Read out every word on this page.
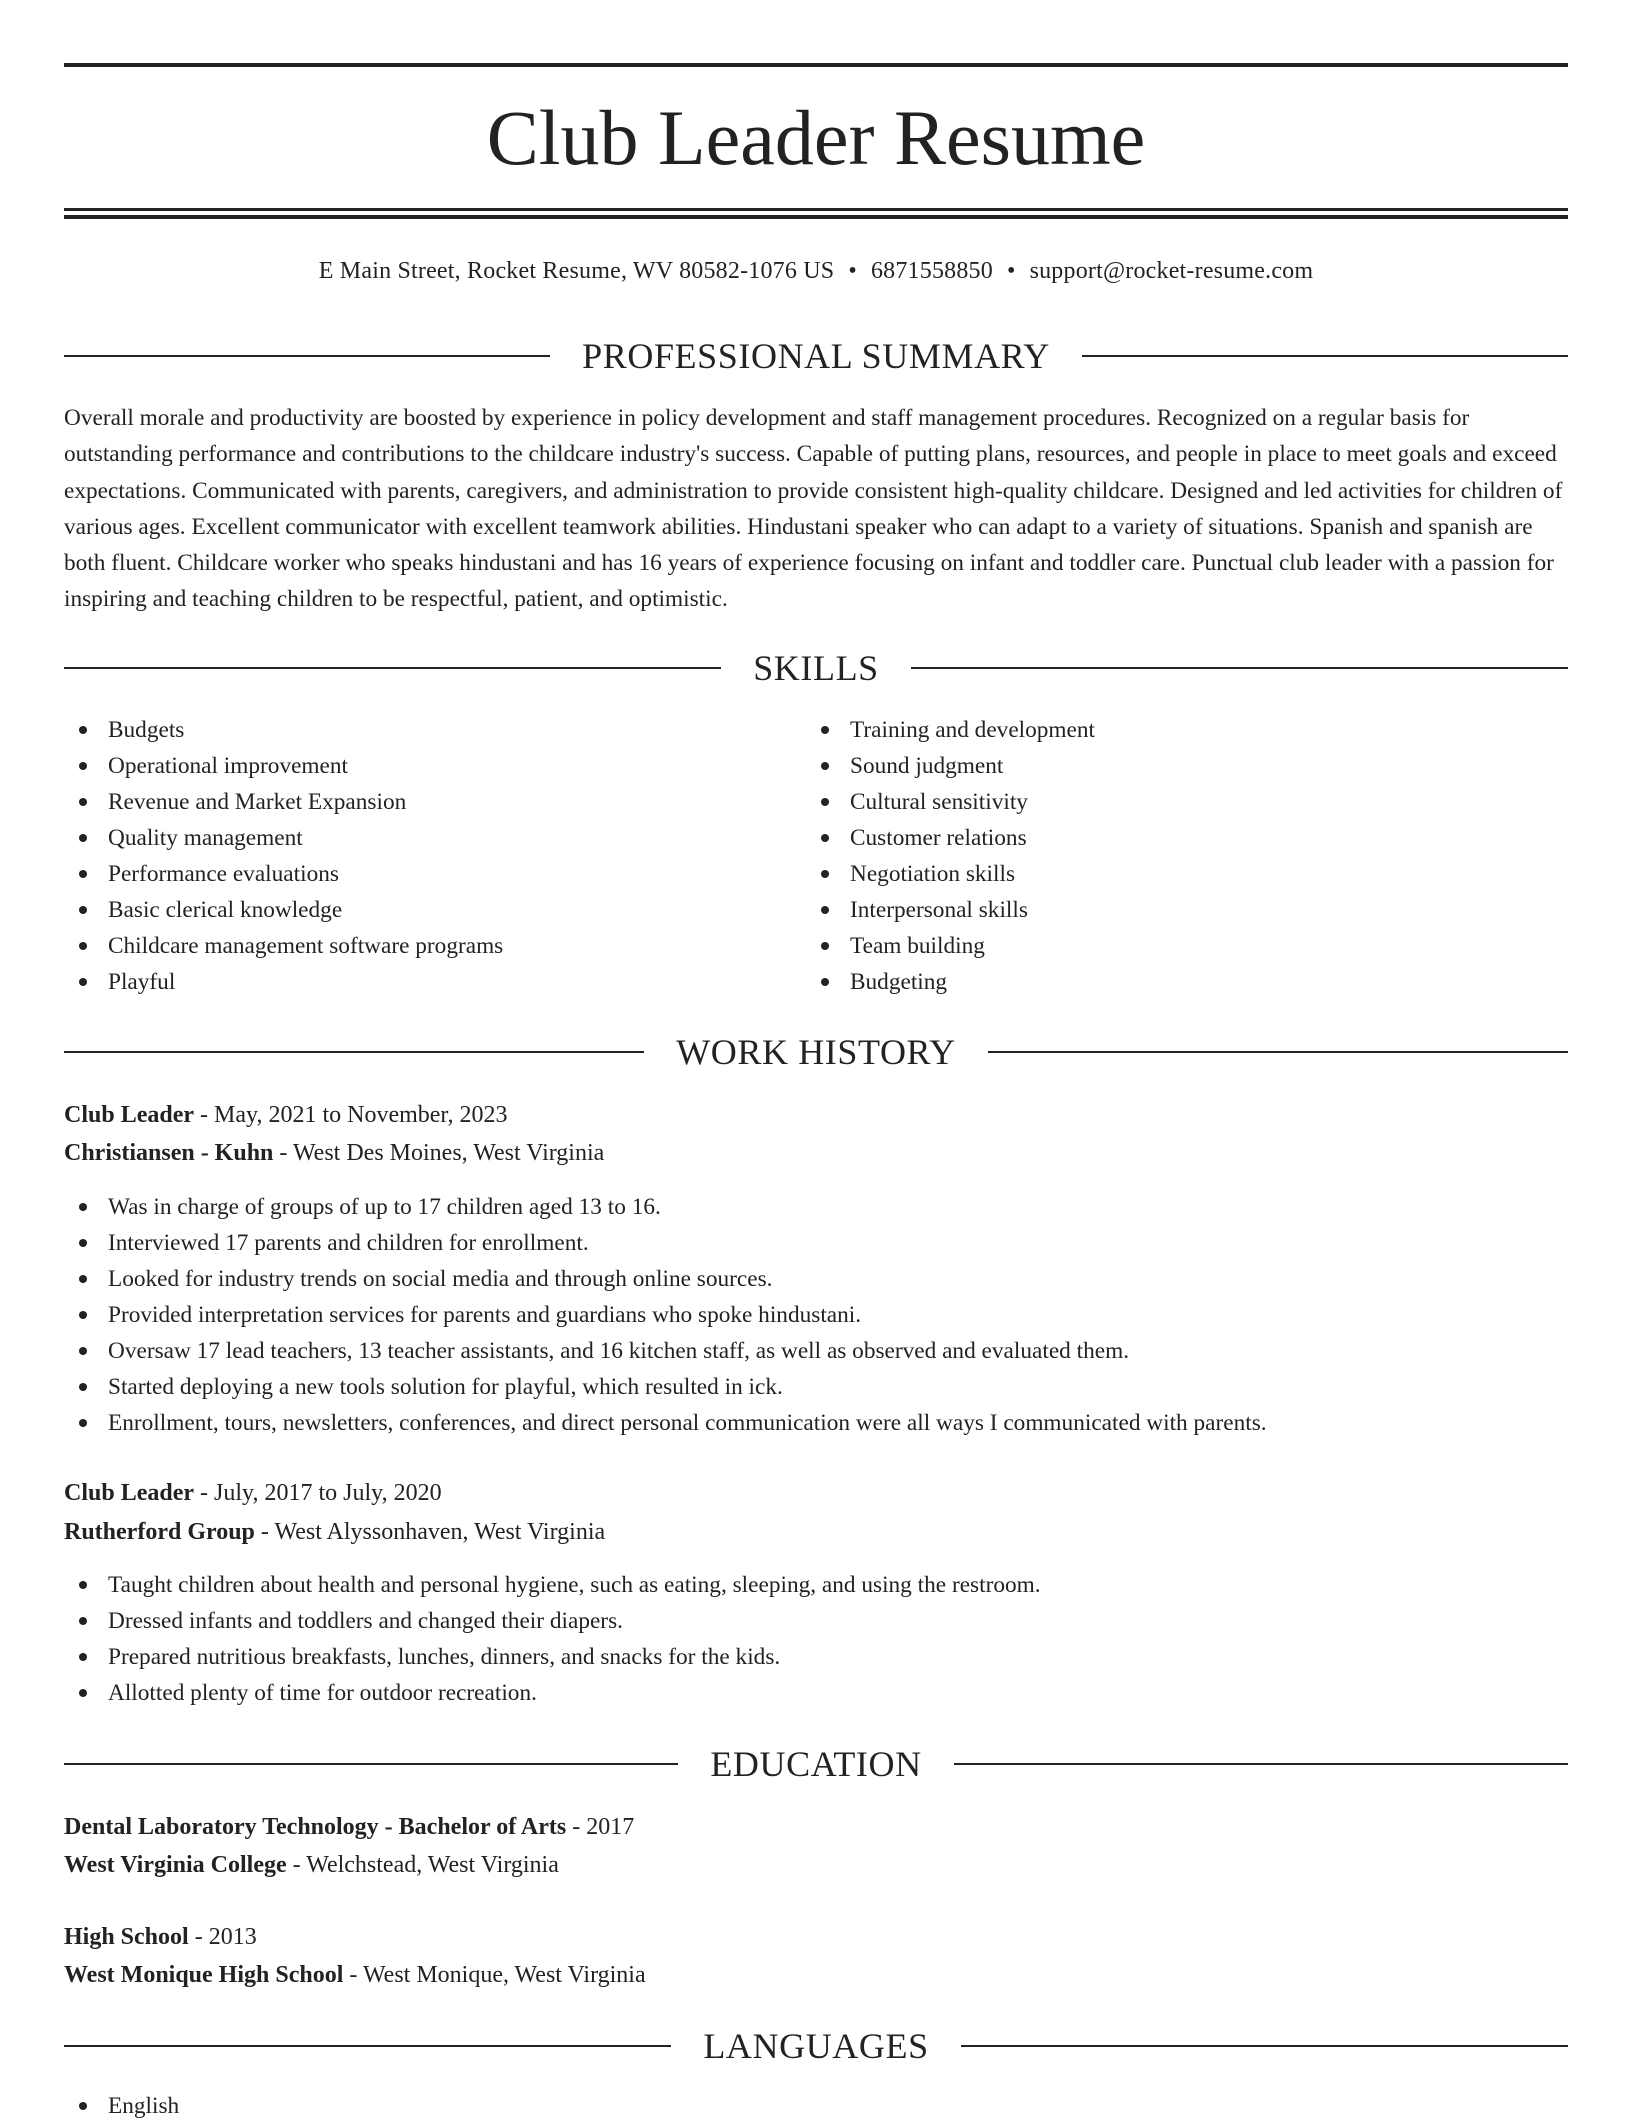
Club Leader Resume
E Main Street, Rocket Resume, WV 80582-1076 US • 6871558850 • support@rocket-resume.com
PROFESSIONAL SUMMARY

Overall morale and productivity are boosted by experience in policy development and staff management procedures. Recognized on a regular basis for outstanding performance and contributions to the childcare industry's success. Capable of putting plans, resources, and people in place to meet goals and exceed expectations. Communicated with parents, caregivers, and administration to provide consistent high-quality childcare. Designed and led activities for children of various ages. Excellent communicator with excellent teamwork abilities. Hindustani speaker who can adapt to a variety of situations. Spanish and spanish are both fluent. Childcare worker who speaks hindustani and has 16 years of experience focusing on infant and toddler care. Punctual club leader with a passion for inspiring and teaching children to be respectful, patient, and optimistic.

SKILLS
Budgets
Operational improvement
Revenue and Market Expansion
Quality management
Performance evaluations
Basic clerical knowledge
Childcare management software programs
Playful
Training and development
Sound judgment
Cultural sensitivity
Customer relations
Negotiation skills
Interpersonal skills
Team building
Budgeting
WORK HISTORY
Club Leader - May, 2021 to November, 2023
Christiansen - Kuhn - West Des Moines, West Virginia
Was in charge of groups of up to 17 children aged 13 to 16.
Interviewed 17 parents and children for enrollment.
Looked for industry trends on social media and through online sources.
Provided interpretation services for parents and guardians who spoke hindustani.
Oversaw 17 lead teachers, 13 teacher assistants, and 16 kitchen staff, as well as observed and evaluated them.
Started deploying a new tools solution for playful, which resulted in ick.
Enrollment, tours, newsletters, conferences, and direct personal communication were all ways I communicated with parents.
Club Leader - July, 2017 to July, 2020
Rutherford Group - West Alyssonhaven, West Virginia
Taught children about health and personal hygiene, such as eating, sleeping, and using the restroom.
Dressed infants and toddlers and changed their diapers.
Prepared nutritious breakfasts, lunches, dinners, and snacks for the kids.
Allotted plenty of time for outdoor recreation.
EDUCATION
Dental Laboratory Technology - Bachelor of Arts - 2017
West Virginia College - Welchstead, West Virginia
High School - 2013
West Monique High School - West Monique, West Virginia
LANGUAGES
English
